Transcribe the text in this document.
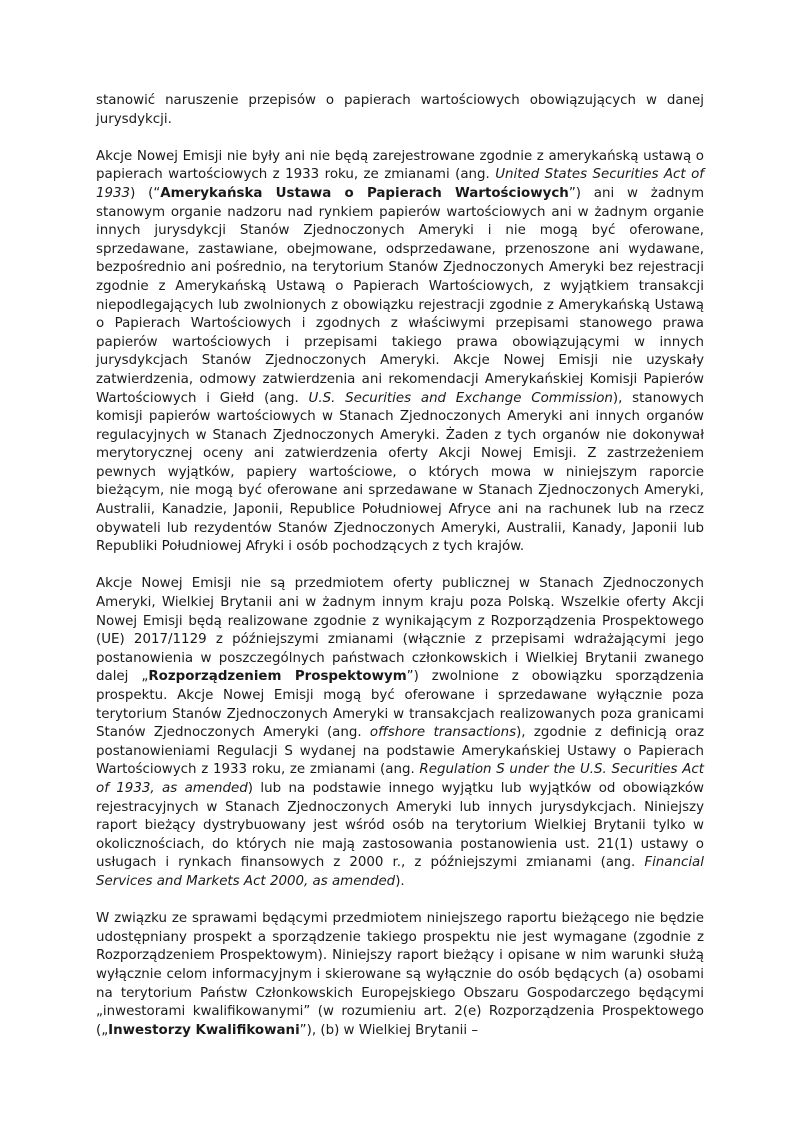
stanowić naruszenie przepisów o papierach wartościowych obowiązujących w danej jurysdykcji.

Akcje Nowej Emisji nie były ani nie będą zarejestrowane zgodnie z amerykańską ustawą o papierach wartościowych z 1933 roku, ze zmianami (ang. United States Securities Act of 1933) (“Amerykańska Ustawa o Papierach Wartościowych”) ani w żadnym stanowym organie nadzoru nad rynkiem papierów wartościowych ani w żadnym organie innych jurysdykcji Stanów Zjednoczonych Ameryki i nie mogą być oferowane, sprzedawane, zastawiane, obejmowane, odsprzedawane, przenoszone ani wydawane, bezpośrednio ani pośrednio, na terytorium Stanów Zjednoczonych Ameryki bez rejestracji zgodnie z Amerykańską Ustawą o Papierach Wartościowych, z wyjątkiem transakcji niepodlegających lub zwolnionych z obowiązku rejestracji zgodnie z Amerykańską Ustawą o Papierach Wartościowych i zgodnych z właściwymi przepisami stanowego prawa papierów wartościowych i przepisami takiego prawa obowiązującymi w innych jurysdykcjach Stanów Zjednoczonych Ameryki. Akcje Nowej Emisji nie uzyskały zatwierdzenia, odmowy zatwierdzenia ani rekomendacji Amerykańskiej Komisji Papierów Wartościowych i Giełd (ang. U.S. Securities and Exchange Commission), stanowych komisji papierów wartościowych w Stanach Zjednoczonych Ameryki ani innych organów regulacyjnych w Stanach Zjednoczonych Ameryki. Żaden z tych organów nie dokonywał merytorycznej oceny ani zatwierdzenia oferty Akcji Nowej Emisji. Z zastrzeżeniem pewnych wyjątków, papiery wartościowe, o których mowa w niniejszym raporcie bieżącym, nie mogą być oferowane ani sprzedawane w Stanach Zjednoczonych Ameryki, Australii, Kanadzie, Japonii, Republice Południowej Afryce ani na rachunek lub na rzecz obywateli lub rezydentów Stanów Zjednoczonych Ameryki, Australii, Kanady, Japonii lub Republiki Południowej Afryki i osób pochodzących z tych krajów.

Akcje Nowej Emisji nie są przedmiotem oferty publicznej w Stanach Zjednoczonych Ameryki, Wielkiej Brytanii ani w żadnym innym kraju poza Polską. Wszelkie oferty Akcji Nowej Emisji będą realizowane zgodnie z wynikającym z Rozporządzenia Prospektowego (UE) 2017/1129 z późniejszymi zmianami (włącznie z przepisami wdrażającymi jego postanowienia w poszczególnych państwach członkowskich i Wielkiej Brytanii zwanego dalej „Rozporządzeniem Prospektowym”) zwolnione z obowiązku sporządzenia prospektu. Akcje Nowej Emisji mogą być oferowane i sprzedawane wyłącznie poza terytorium Stanów Zjednoczonych Ameryki w transakcjach realizowanych poza granicami Stanów Zjednoczonych Ameryki (ang. offshore transactions), zgodnie z definicją oraz postanowieniami Regulacji S wydanej na podstawie Amerykańskiej Ustawy o Papierach Wartościowych z 1933 roku, ze zmianami (ang. Regulation S under the U.S. Securities Act of 1933, as amended) lub na podstawie innego wyjątku lub wyjątków od obowiązków rejestracyjnych w Stanach Zjednoczonych Ameryki lub innych jurysdykcjach. Niniejszy raport bieżący dystrybuowany jest wśród osób na terytorium Wielkiej Brytanii tylko w okolicznościach, do których nie mają zastosowania postanowienia ust. 21(1) ustawy o usługach i rynkach finansowych z 2000 r., z późniejszymi zmianami (ang. Financial Services and Markets Act 2000, as amended).

W związku ze sprawami będącymi przedmiotem niniejszego raportu bieżącego nie będzie udostępniany prospekt a sporządzenie takiego prospektu nie jest wymagane (zgodnie z Rozporządzeniem Prospektowym). Niniejszy raport bieżący i opisane w nim warunki służą wyłącznie celom informacyjnym i skierowane są wyłącznie do osób będących (a) osobami na terytorium Państw Członkowskich Europejskiego Obszaru Gospodarczego będącymi „inwestorami kwalifikowanymi” (w rozumieniu art. 2(e) Rozporządzenia Prospektowego („Inwestorzy Kwalifikowani”), (b) w Wielkiej Brytanii –
